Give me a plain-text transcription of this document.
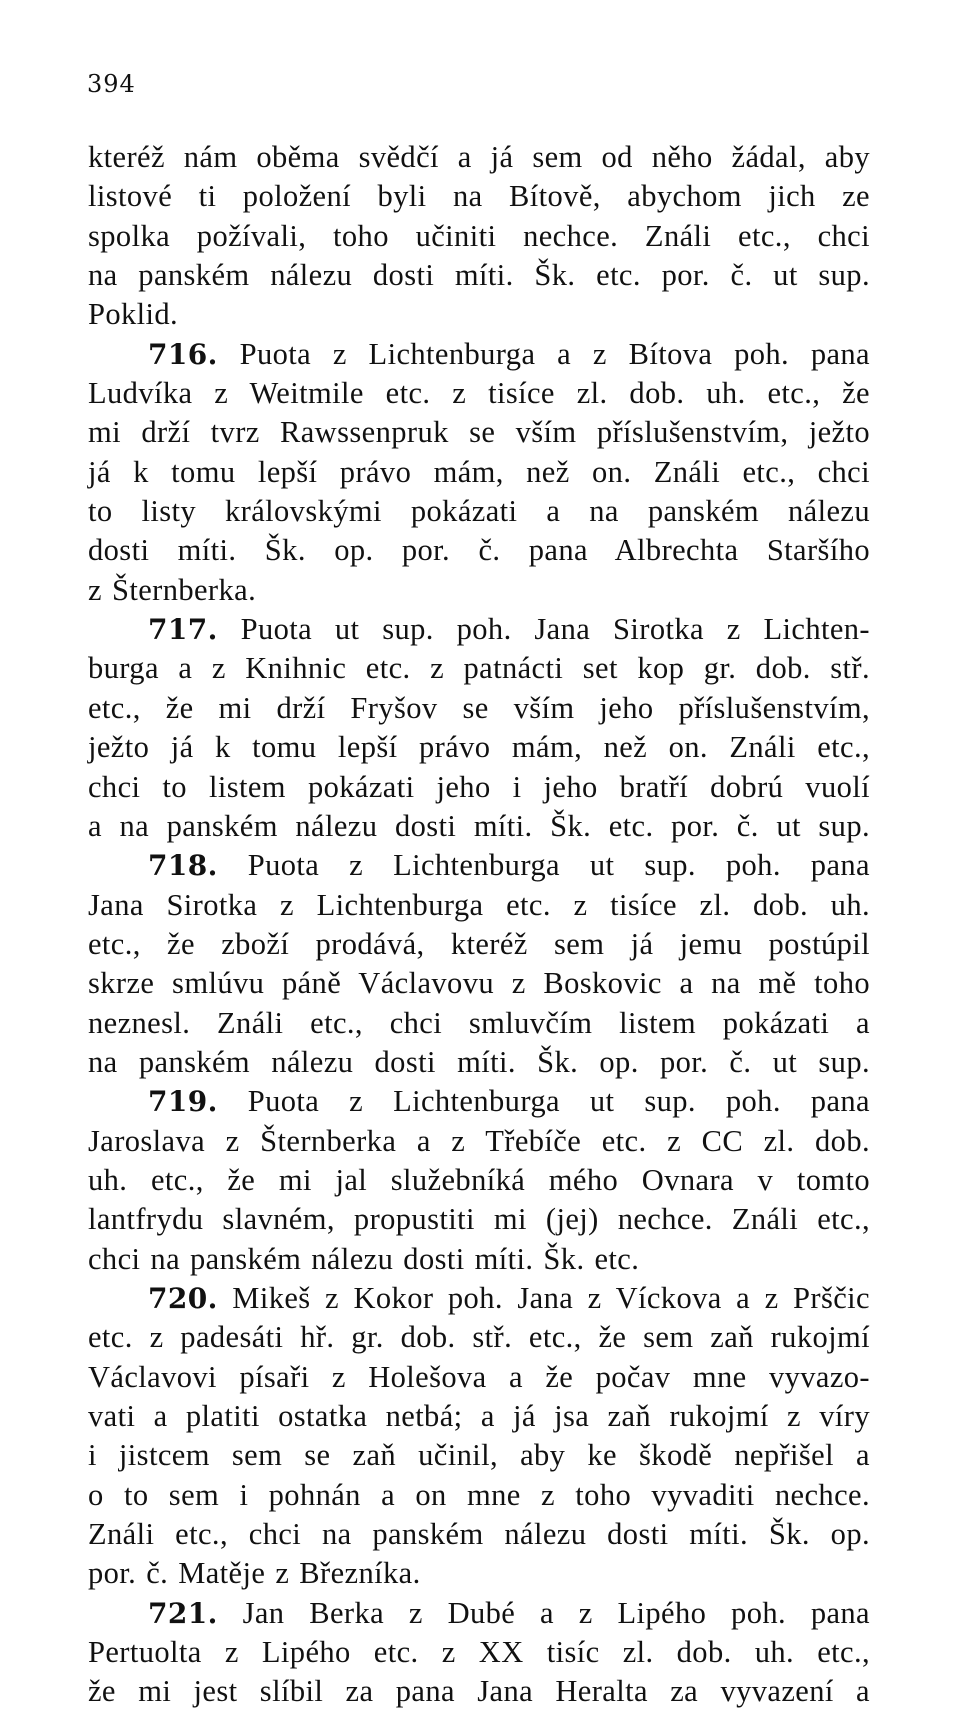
394
kteréž nám oběma svědčí a já sem od něho žádal, aby
listové ti položení byli na Bítově, abychom jich ze
spolka požívali, toho učiniti nechce. Ználi etc., chci
na panském nálezu dosti míti. Šk. etc. por. č. ut sup.
Poklid.
716. Puota z Lichtenburga a z Bítova poh. pana
Ludvíka z Weitmile etc. z tisíce zl. dob. uh. etc., že
mi drží tvrz Rawssenpruk se vším příslušenstvím, ježto
já k tomu lepší právo mám, než on. Ználi etc., chci
to listy královskými pokázati a na panském nálezu
dosti míti. Šk. op. por. č. pana Albrechta Staršího
z Šternberka.
717. Puota ut sup. poh. Jana Sirotka z Lichten-
burga a z Knihnic etc. z patnácti set kop gr. dob. stř.
etc., že mi drží Fryšov se vším jeho příslušenstvím,
ježto já k tomu lepší právo mám, než on. Ználi etc.,
chci to listem pokázati jeho i jeho bratří dobrú vuolí
a na panském nálezu dosti míti. Šk. etc. por. č. ut sup.
718. Puota z Lichtenburga ut sup. poh. pana
Jana Sirotka z Lichtenburga etc. z tisíce zl. dob. uh.
etc., že zboží prodává, kteréž sem já jemu postúpil
skrze smlúvu páně Václavovu z Boskovic a na mě toho
neznesl. Ználi etc., chci smluvčím listem pokázati a
na panském nálezu dosti míti. Šk. op. por. č. ut sup.
719. Puota z Lichtenburga ut sup. poh. pana
Jaroslava z Šternberka a z Třebíče etc. z CC zl. dob.
uh. etc., že mi jal služebníká mého Ovnara v tomto
lantfrydu slavném, propustiti mi (jej) nechce. Ználi etc.,
chci na panském nálezu dosti míti. Šk. etc.
720. Mikeš z Kokor poh. Jana z Víckova a z Prščic
etc. z padesáti hř. gr. dob. stř. etc., že sem zaň rukojmí
Václavovi písaři z Holešova a že počav mne vyvazo-
vati a platiti ostatka netbá; a já jsa zaň rukojmí z víry
i jistcem sem se zaň učinil, aby ke škodě nepřišel a
o to sem i pohnán a on mne z toho vyvaditi nechce.
Ználi etc., chci na panském nálezu dosti míti. Šk. op.
por. č. Matěje z Březníka.
721. Jan Berka z Dubé a z Lipého poh. pana
Pertuolta z Lipého etc. z XX tisíc zl. dob. uh. etc.,
že mi jest slíbil za pana Jana Heralta za vyvazení a
